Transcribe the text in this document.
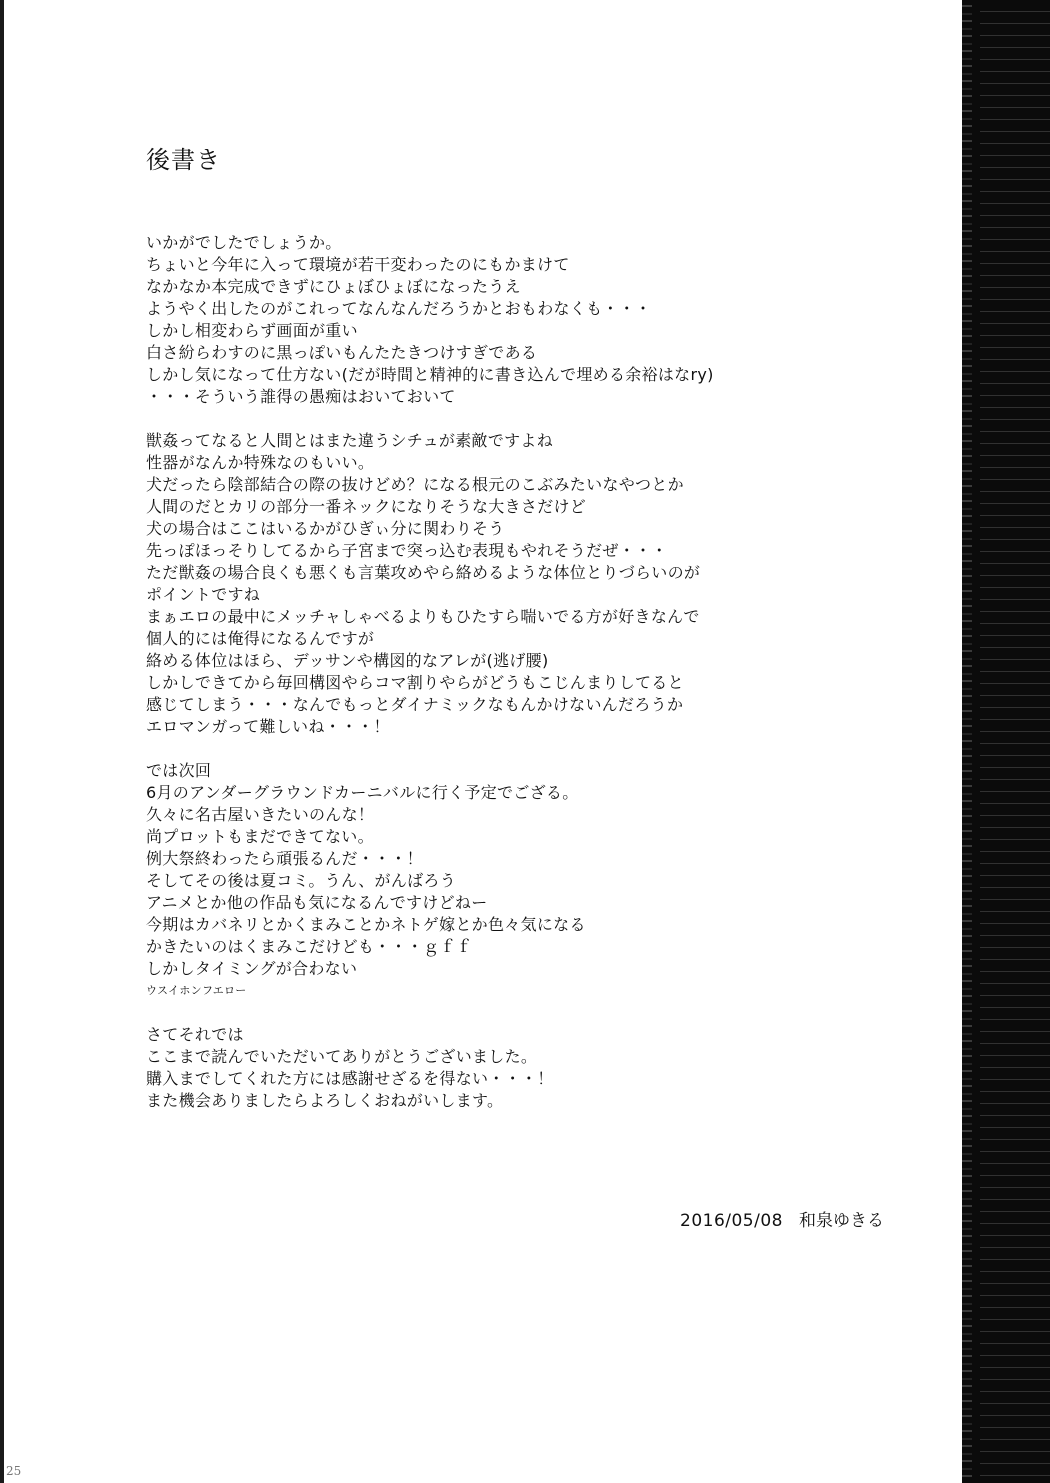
後書き
いかがでしたでしょうか。
ちょいと今年に入って環境が若干変わったのにもかまけて
なかなか本完成できずにひょぼひょぼになったうえ
ようやく出したのがこれってなんなんだろうかとおもわなくも・・・
しかし相変わらず画面が重い
白さ紛らわすのに黒っぽいもんたたきつけすぎである
しかし気になって仕方ない(だが時間と精神的に書き込んで埋める余裕はなry)
・・・そういう誰得の愚痴はおいておいて
獣姦ってなると人間とはまた違うシチュが素敵ですよね
性器がなんか特殊なのもいい。
犬だったら陰部結合の際の抜けどめ？になる根元のこぶみたいなやつとか
人間のだとカリの部分一番ネックになりそうな大きさだけど
犬の場合はここはいるかがひぎぃ分に関わりそう
先っぽほっそりしてるから子宮まで突っ込む表現もやれそうだぜ・・・
ただ獣姦の場合良くも悪くも言葉攻めやら絡めるような体位とりづらいのが
ポイントですね
まぁエロの最中にメッチャしゃべるよりもひたすら喘いでる方が好きなんで
個人的には俺得になるんですが
絡める体位はほら、デッサンや構図的なアレが(逃げ腰)
しかしできてから毎回構図やらコマ割りやらがどうもこじんまりしてると
感じてしまう・・・なんでもっとダイナミックなもんかけないんだろうか
エロマンガって難しいね・・・！
では次回
6月のアンダーグラウンドカーニバルに行く予定でござる。
久々に名古屋いきたいのんな！
尚プロットもまだできてない。
例大祭終わったら頑張るんだ・・・！
そしてその後は夏コミ。うん、がんばろう
アニメとか他の作品も気になるんですけどねー
今期はカバネリとかくまみことかネトゲ嫁とか色々気になる
かきたいのはくまみこだけども・・・ｇｆｆ
しかしタイミングが合わない
ウスイホンフエロー
さてそれでは
ここまで読んでいただいてありがとうございました。
購入までしてくれた方には感謝せざるを得ない・・・！
また機会ありましたらよろしくおねがいします。
2016/05/08 和泉ゆきる
25
